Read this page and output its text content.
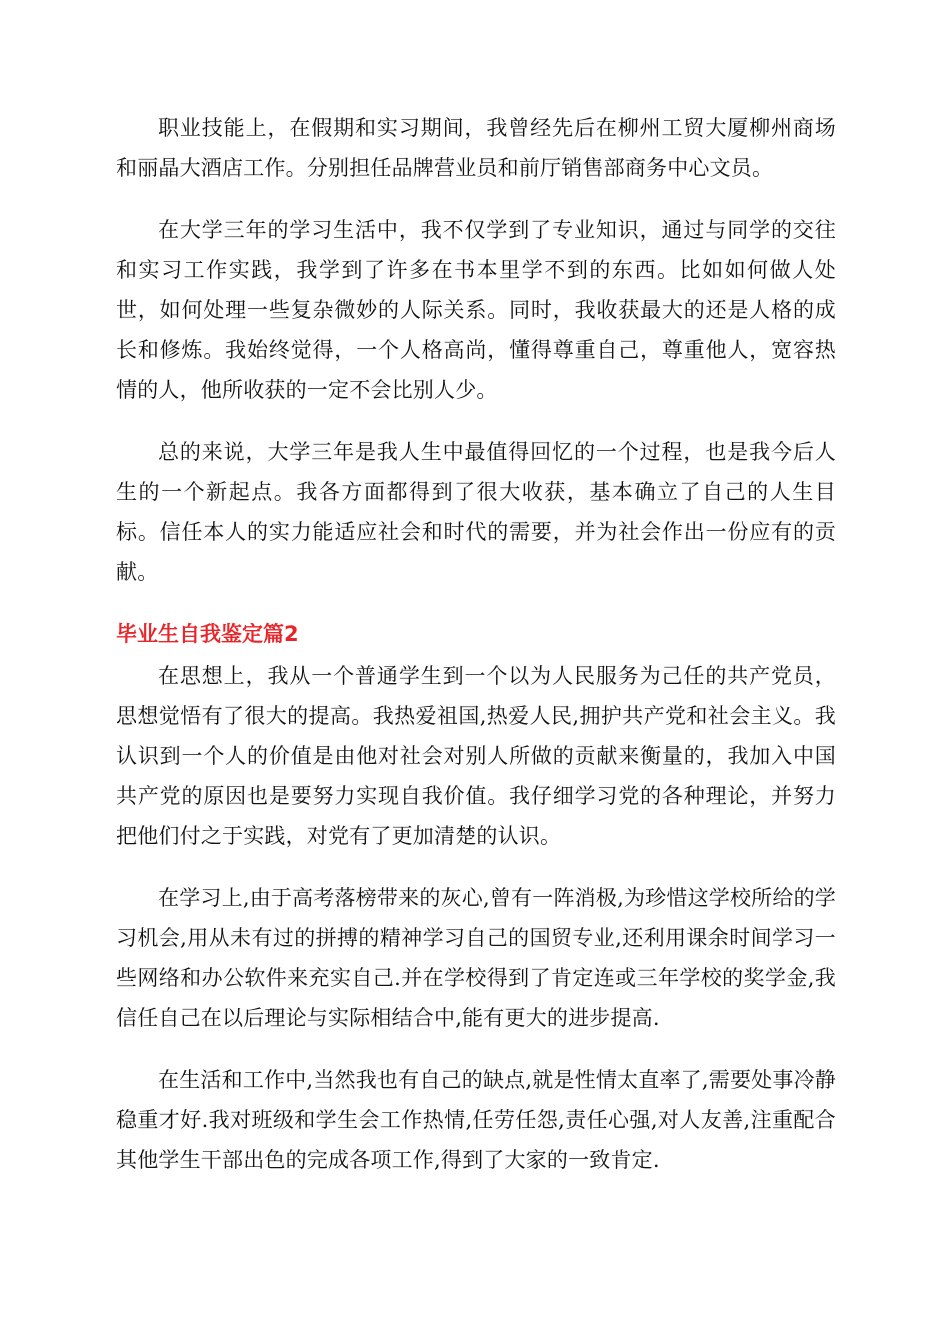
职业技能上，在假期和实习期间，我曾经先后在柳州工贸大厦柳州商场和丽晶大酒店工作。分别担任品牌营业员和前厅销售部商务中心文员。

在大学三年的学习生活中，我不仅学到了专业知识，通过与同学的交往和实习工作实践，我学到了许多在书本里学不到的东西。比如如何做人处世，如何处理一些复杂微妙的人际关系。同时，我收获最大的还是人格的成长和修炼。我始终觉得，一个人格高尚，懂得尊重自己，尊重他人，宽容热情的人，他所收获的一定不会比别人少。

总的来说，大学三年是我人生中最值得回忆的一个过程，也是我今后人生的一个新起点。我各方面都得到了很大收获，基本确立了自己的人生目标。信任本人的实力能适应社会和时代的需要，并为社会作出一份应有的贡献。

毕业生自我鉴定篇2

在思想上，我从一个普通学生到一个以为人民服务为己任的共产党员，思想觉悟有了很大的提高。我热爱祖国,热爱人民,拥护共产党和社会主义。我认识到一个人的价值是由他对社会对别人所做的贡献来衡量的，我加入中国共产党的原因也是要努力实现自我价值。我仔细学习党的各种理论，并努力把他们付之于实践，对党有了更加清楚的认识。

在学习上,由于高考落榜带来的灰心,曾有一阵消极,为珍惜这学校所给的学习机会,用从未有过的拼搏的精神学习自己的国贸专业,还利用课余时间学习一些网络和办公软件来充实自己.并在学校得到了肯定连或三年学校的奖学金,我信任自己在以后理论与实际相结合中,能有更大的进步提高.

在生活和工作中,当然我也有自己的缺点,就是性情太直率了,需要处事冷静稳重才好.我对班级和学生会工作热情,任劳任怨,责任心强,对人友善,注重配合其他学生干部出色的完成各项工作,得到了大家的一致肯定.
